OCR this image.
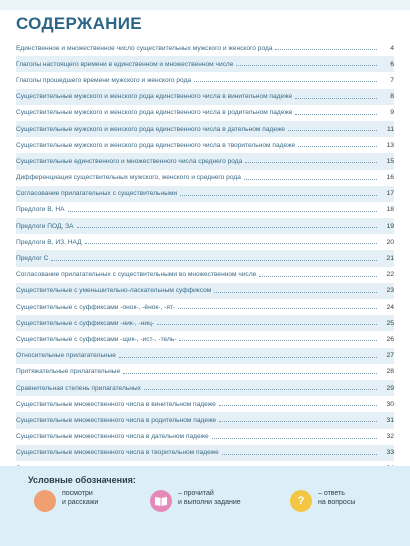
СОДЕРЖАНИЕ
Единственное и множественное число существительных мужского и женского рода	4
Глаголы настоящего времени в единственном и множественном числе	6
Глаголы прошедшего времени мужского и женского рода	7
Существительные мужского и женского рода единственного числа в винительном падеже	8
Существительные мужского и женского рода единственного числа в родительном падеже	9
Существительные мужского и женского рода единственного числа в дательном падеже	11
Существительные мужского и женского рода единственного числа в творительном падеже	13
Существительные единственного и множественного числа среднего рода	15
Дифференциация существительных мужского, женского и среднего рода	16
Согласование прилагательных с существительными	17
Предлоги В, НА	18
Предлоги ПОД, ЗА	19
Предлоги В, ИЗ, НАД	20
Предлог С	21
Согласование прилагательных с существительными во множественном числе	22
Существительные с уменьшительно-ласкательным суффиксом	23
Существительные с суффиксами -онок-, -ёнок-, -ят-	24
Существительные с суффиксами -ник-, -ниц-	25
Существительные с суффиксами -щик-, -ист-, -тель-	26
Относительные прилагательные	27
Притяжательные прилагательные	28
Сравнительная степень прилагательных	29
Существительные множественного числа в винительном падеже	30
Существительные множественного числа в родительном падеже	31
Существительные множественного числа в дательном падеже	32
Существительные множественного числа в творительном падеже	33
Условные обозначения:
посмотри
и расскажи
– прочитай
и выполни задание	?
– ответь
на вопросы
